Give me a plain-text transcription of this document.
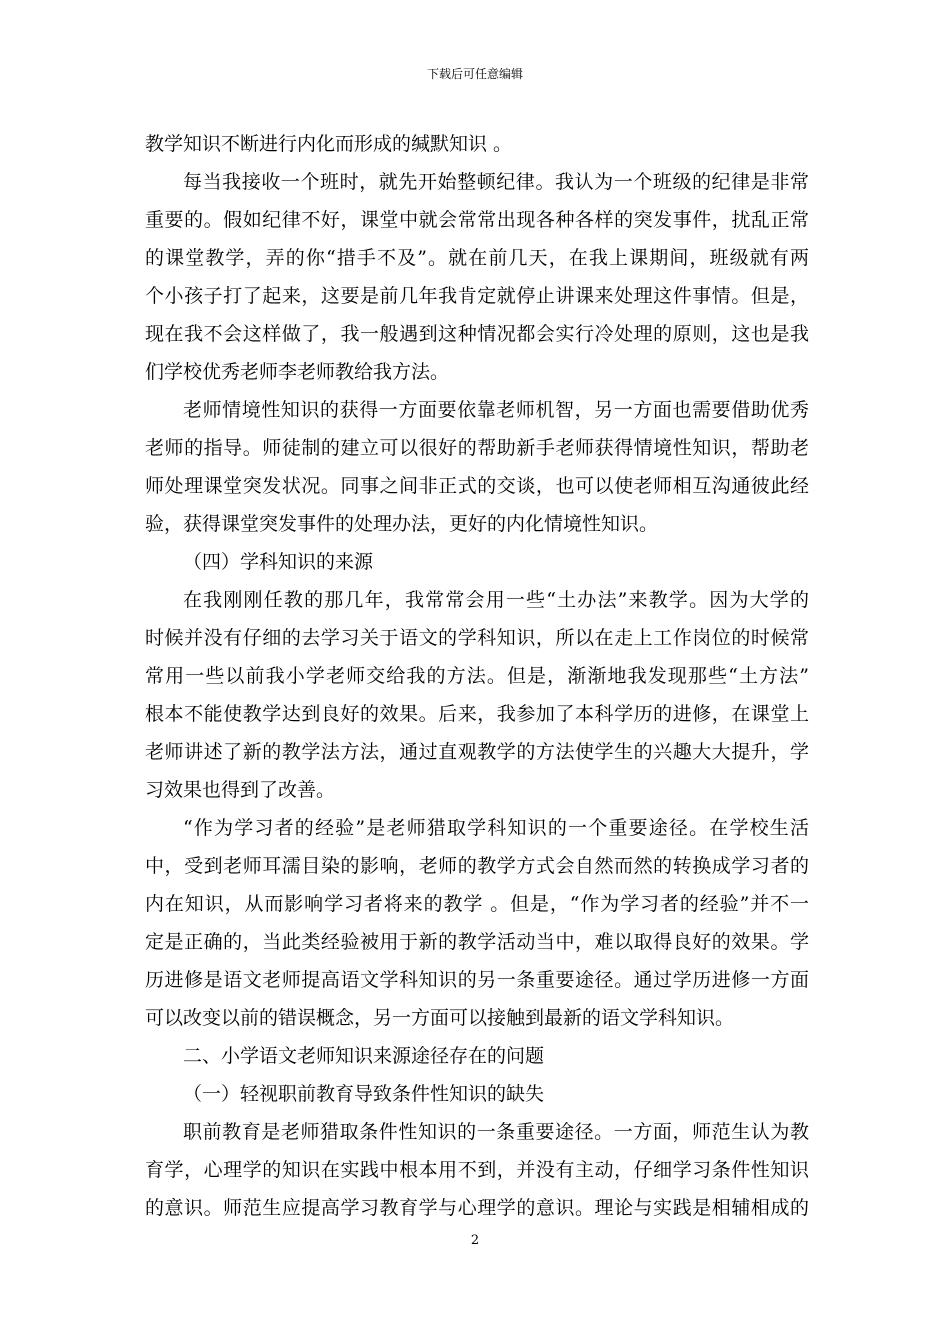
下载后可任意编辑
教学知识不断进行内化而形成的缄默知识 。
每当我接收一个班时，就先开始整顿纪律。我认为一个班级的纪律是非常
重要的。假如纪律不好，课堂中就会常常出现各种各样的突发事件，扰乱正常
的课堂教学，弄的你“措手不及”。就在前几天，在我上课期间，班级就有两
个小孩子打了起来，这要是前几年我肯定就停止讲课来处理这件事情。但是，
现在我不会这样做了，我一般遇到这种情况都会实行冷处理的原则，这也是我
们学校优秀老师李老师教给我方法。
老师情境性知识的获得一方面要依靠老师机智，另一方面也需要借助优秀
老师的指导。师徒制的建立可以很好的帮助新手老师获得情境性知识，帮助老
师处理课堂突发状况。同事之间非正式的交谈，也可以使老师相互沟通彼此经
验，获得课堂突发事件的处理办法，更好的内化情境性知识。
（四）学科知识的来源
在我刚刚任教的那几年，我常常会用一些“土办法”来教学。因为大学的
时候并没有仔细的去学习关于语文的学科知识，所以在走上工作岗位的时候常
常用一些以前我小学老师交给我的方法。但是，渐渐地我发现那些“土方法”
根本不能使教学达到良好的效果。后来，我参加了本科学历的进修，在课堂上
老师讲述了新的教学法方法，通过直观教学的方法使学生的兴趣大大提升，学
习效果也得到了改善。
“作为学习者的经验”是老师猎取学科知识的一个重要途径。在学校生活
中，受到老师耳濡目染的影响，老师的教学方式会自然而然的转换成学习者的
内在知识，从而影响学习者将来的教学 。但是，“作为学习者的经验”并不一
定是正确的，当此类经验被用于新的教学活动当中，难以取得良好的效果。学
历进修是语文老师提高语文学科知识的另一条重要途径。通过学历进修一方面
可以改变以前的错误概念，另一方面可以接触到最新的语文学科知识。
二、小学语文老师知识来源途径存在的问题
（一）轻视职前教育导致条件性知识的缺失
职前教育是老师猎取条件性知识的一条重要途径。一方面，师范生认为教
育学，心理学的知识在实践中根本用不到，并没有主动，仔细学习条件性知识
的意识。师范生应提高学习教育学与心理学的意识。理论与实践是相辅相成的
2
